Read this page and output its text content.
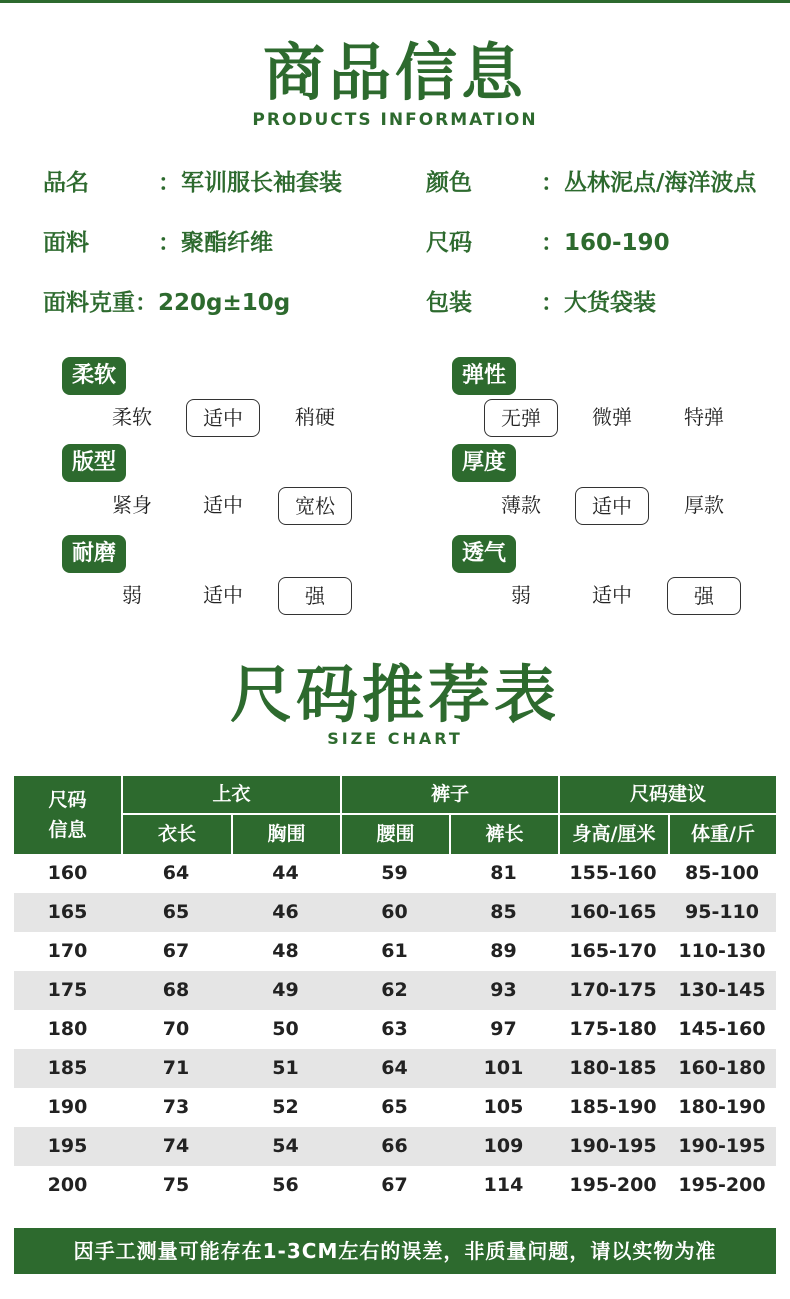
商品信息
PRODUCTS INFORMATION
品名	：军训服长袖套装	颜色	：丛林泥点/海洋波点
面料	：聚酯纤维	尺码	：160-190
面料克重：220g±10g	包装	：大货袋装
柔软
柔软	适中	稍硬
弹性
无弹	微弹	特弹
版型
紧身	适中	宽松
厚度
薄款	适中	厚款
耐磨
弱	适中	强
透气
弱	适中	强
尺码推荐表
SIZE CHART
尺码
信息
上衣	裤子	尺码建议
衣长	胸围	腰围	裤长	身高/厘米	体重/斤
160	64	44	59	81	155-160	85-100
165	65	46	60	85	160-165	95-110
170	67	48	61	89	165-170	110-130
175	68	49	62	93	170-175	130-145
180	70	50	63	97	175-180	145-160
185	71	51	64	101	180-185	160-180
190	73	52	65	105	185-190	180-190
195	74	54	66	109	190-195	190-195
200	75	56	67	114	195-200	195-200
因手工测量可能存在1-3CM左右的误差，非质量问题，请以实物为准
